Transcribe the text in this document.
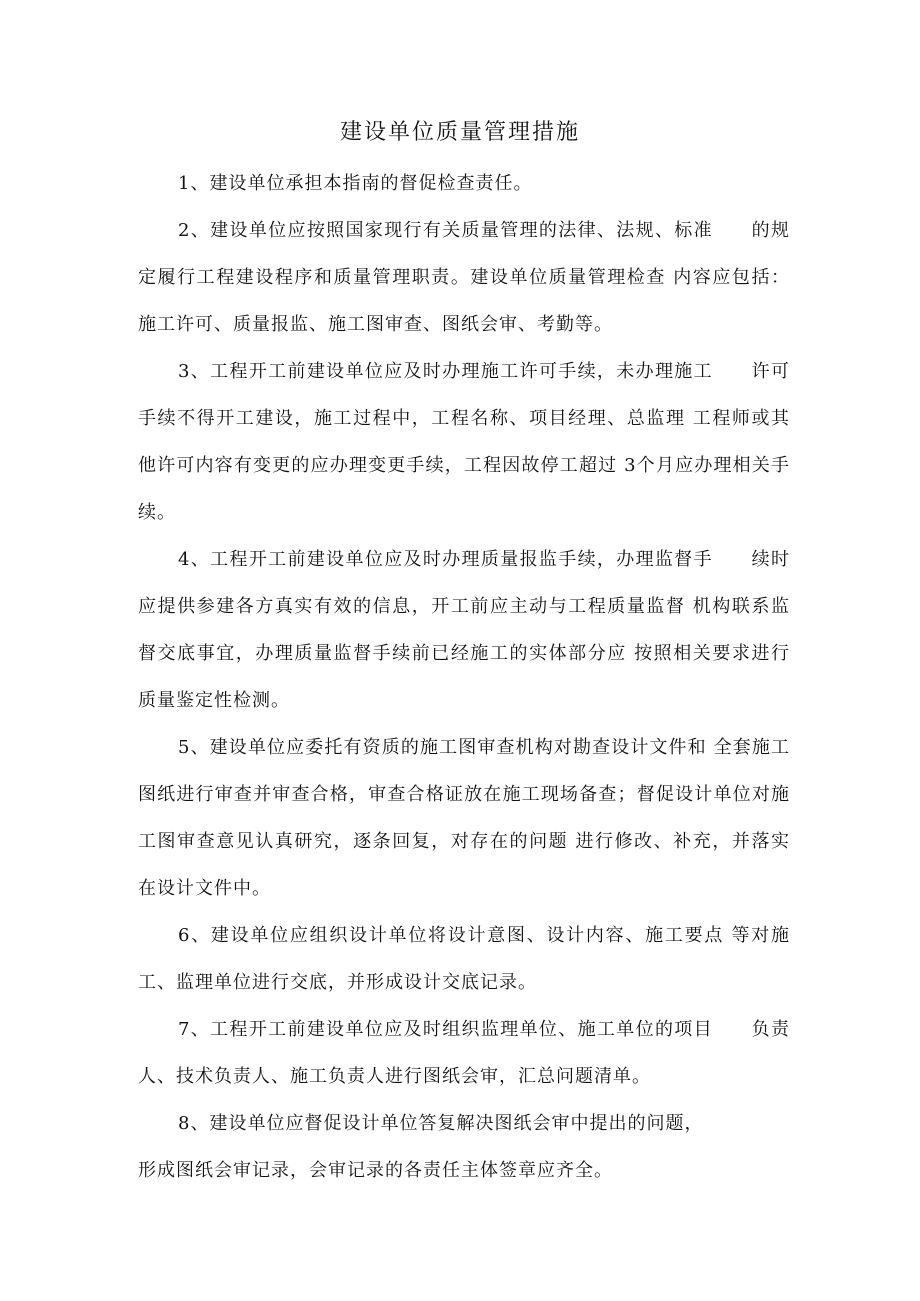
建设单位质量管理措施

1、建设单位承担本指南的督促检查责任。

2、建设单位应按照国家现行有关质量管理的法律、法规、标准　　的规定履行工程建设程序和质量管理职责。建设单位质量管理检查 内容应包括：施工许可、质量报监、施工图审查、图纸会审、考勤等。

3、工程开工前建设单位应及时办理施工许可手续，未办理施工　　许可手续不得开工建设，施工过程中，工程名称、项目经理、总监理 工程师或其他许可内容有变更的应办理变更手续，工程因故停工超过 3个月应办理相关手续。

4、工程开工前建设单位应及时办理质量报监手续，办理监督手　　续时应提供参建各方真实有效的信息，开工前应主动与工程质量监督 机构联系监督交底事宜，办理质量监督手续前已经施工的实体部分应 按照相关要求进行质量鉴定性检测。

5、建设单位应委托有资质的施工图审查机构对勘查设计文件和 全套施工图纸进行审查并审查合格，审查合格证放在施工现场备查；督促设计单位对施工图审查意见认真研究，逐条回复，对存在的问题 进行修改、补充，并落实在设计文件中。

6、建设单位应组织设计单位将设计意图、设计内容、施工要点 等对施工、监理单位进行交底，并形成设计交底记录。

7、工程开工前建设单位应及时组织监理单位、施工单位的项目　　负责人、技术负责人、施工负责人进行图纸会审，汇总问题清单。

8、建设单位应督促设计单位答复解决图纸会审中提出的问题，

形成图纸会审记录，会审记录的各责任主体签章应齐全。
